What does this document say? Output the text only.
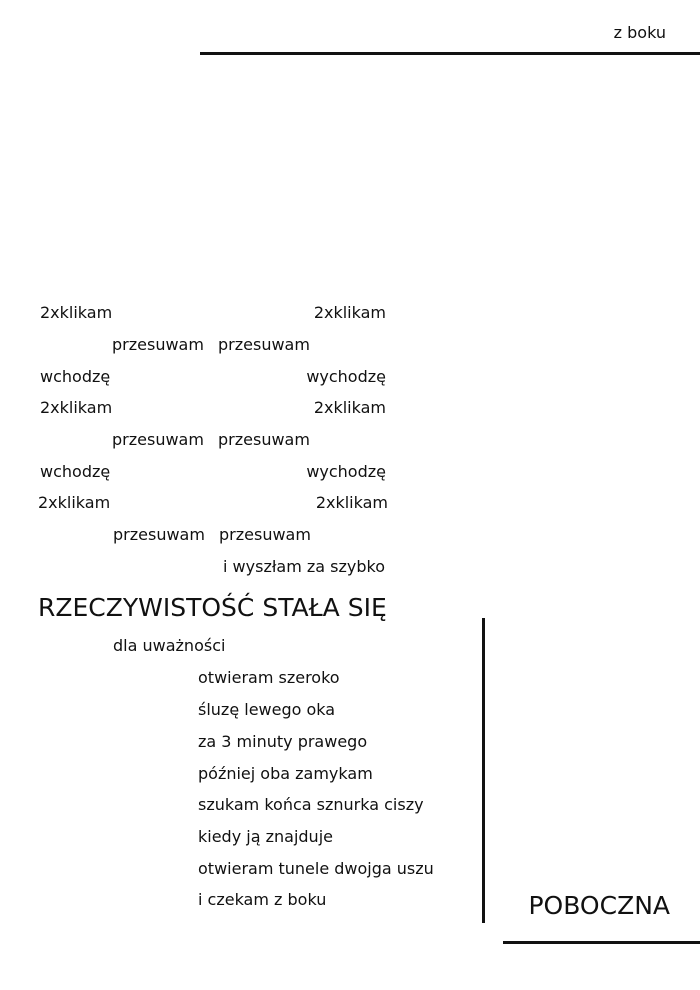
z boku
2xklikam	2xklikam
przesuwam przesuwam
wchodzę	wychodzę
2xklikam	2xklikam
przesuwam przesuwam
wchodzę	wychodzę
2xklikam	2xklikam
przesuwam przesuwam
i wyszłam za szybko
RZECZYWISTOŚĆ STAŁA SIĘ
dla uważności
otwieram szeroko
śluzę lewego oka
za 3 minuty prawego
później oba zamykam
szukam końca sznurka ciszy
kiedy ją znajduje
otwieram tunele dwojga uszu
i czekam z boku	POBOCZNA
